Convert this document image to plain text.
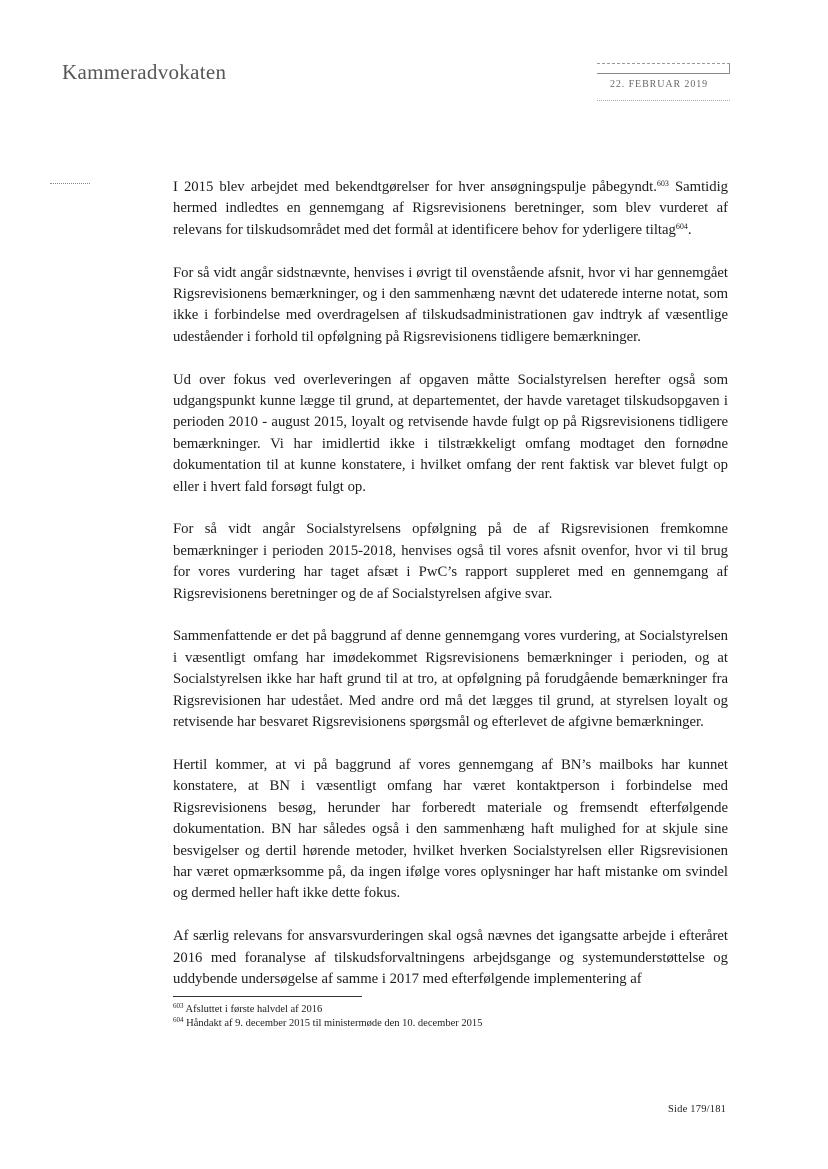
Kammeradvokaten
22. FEBRUAR 2019

I 2015 blev arbejdet med bekendtgørelser for hver ansøgningspulje påbegyndt.$^{603}$ Samtidig hermed indledtes en gennemgang af Rigsrevisionens beretninger, som blev vurderet af relevans for tilskudsområdet med det formål at identificere behov for yderligere tiltag$^{604}$.

For så vidt angår sidstnævnte, henvises i øvrigt til ovenstående afsnit, hvor vi har gennemgået Rigsrevisionens bemærkninger, og i den sammenhæng nævnt det udaterede interne notat, som ikke i forbindelse med overdragelsen af tilskudsadministrationen gav indtryk af væsentlige udeståender i forhold til opfølgning på Rigsrevisionens tidligere bemærkninger.

Ud over fokus ved overleveringen af opgaven måtte Socialstyrelsen herefter også som udgangspunkt kunne lægge til grund, at departementet, der havde varetaget tilskudsopgaven i perioden 2010 - august 2015, loyalt og retvisende havde fulgt op på Rigsrevisionens tidligere bemærkninger. Vi har imidlertid ikke i tilstrækkeligt omfang modtaget den fornødne dokumentation til at kunne konstatere, i hvilket omfang der rent faktisk var blevet fulgt op eller i hvert fald forsøgt fulgt op.

For så vidt angår Socialstyrelsens opfølgning på de af Rigsrevisionen fremkomne bemærkninger i perioden 2015-2018, henvises også til vores afsnit ovenfor, hvor vi til brug for vores vurdering har taget afsæt i PwC’s rapport suppleret med en gennemgang af Rigsrevisionens beretninger og de af Socialstyrelsen afgive svar.

Sammenfattende er det på baggrund af denne gennemgang vores vurdering, at Socialstyrelsen i væsentligt omfang har imødekommet Rigsrevisionens bemærkninger i perioden, og at Socialstyrelsen ikke har haft grund til at tro, at opfølgning på forudgående bemærkninger fra Rigsrevisionen har udestået. Med andre ord må det lægges til grund, at styrelsen loyalt og retvisende har besvaret Rigsrevisionens spørgsmål og efterlevet de afgivne bemærkninger.

Hertil kommer, at vi på baggrund af vores gennemgang af BN’s mailboks har kunnet konstatere, at BN i væsentligt omfang har været kontaktperson i forbindelse med Rigsrevisionens besøg, herunder har forberedt materiale og fremsendt efterfølgende dokumentation. BN har således også i den sammenhæng haft mulighed for at skjule sine besvigelser og dertil hørende metoder, hvilket hverken Socialstyrelsen eller Rigsrevisionen har været opmærksomme på, da ingen ifølge vores oplysninger har haft mistanke om svindel og dermed heller haft ikke dette fokus.

Af særlig relevans for ansvarsvurderingen skal også nævnes det igangsatte arbejde i efteråret 2016 med foranalyse af tilskudsforvaltningens arbejdsgange og systemunderstøttelse og uddybende undersøgelse af samme i 2017 med efterfølgende implementering af

$^{603}$ Afsluttet i første halvdel af 2016
$^{604}$ Håndakt af 9. december 2015 til ministermøde den 10. december 2015
Side 179/181
